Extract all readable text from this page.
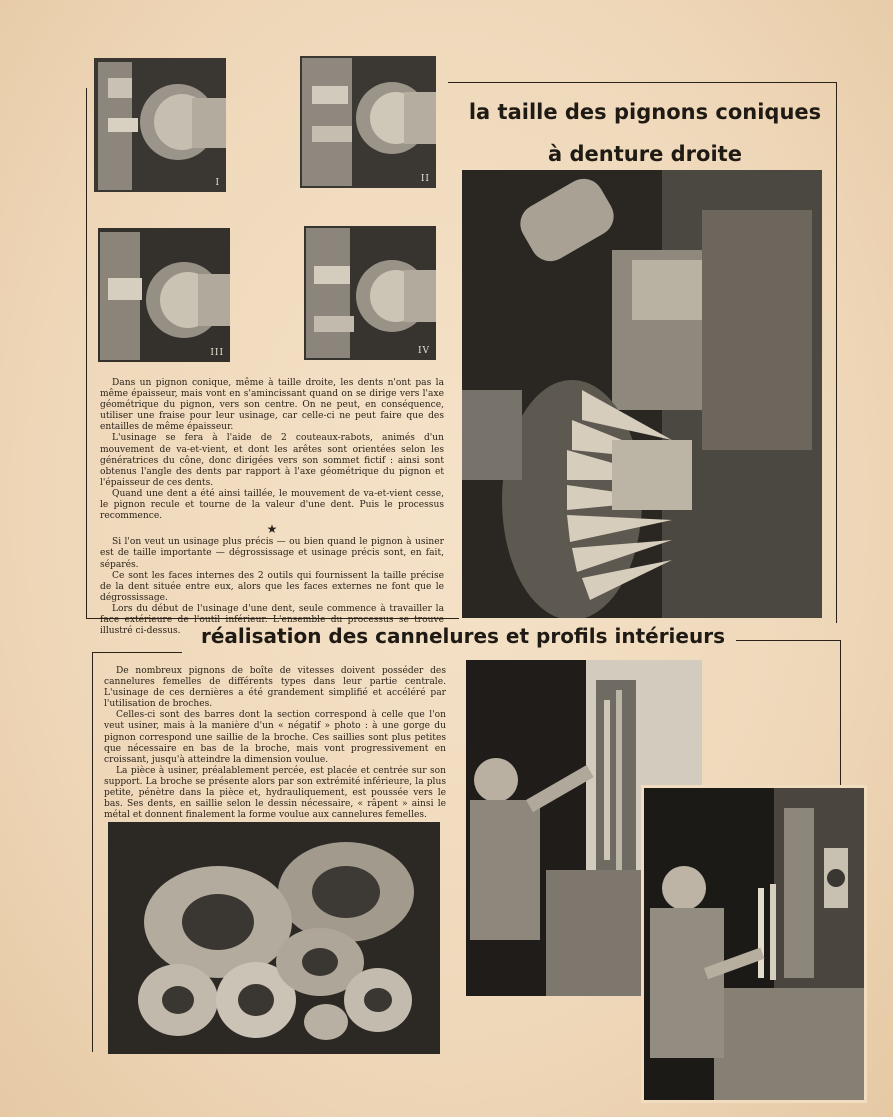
I	II
III	IV
la taille des pignons coniques
à denture droite

Dans un pignon conique, même à taille droite, les dents n'ont pas la même épaisseur, mais vont en s'amincissant quand on se dirige vers l'axe géométrique du pignon, vers son centre. On ne peut, en conséquence, utiliser une fraise pour leur usinage, car celle-ci ne peut faire que des entailles de même épaisseur.

L'usinage se fera à l'aide de 2 couteaux-rabots, animés d'un mouvement de va-et-vient, et dont les arêtes sont orientées selon les génératrices du cône, donc dirigées vers son sommet fictif : ainsi sont obtenus l'angle des dents par rapport à l'axe géométrique du pignon et l'épaisseur de ces dents.

Quand une dent a été ainsi taillée, le mouvement de va-et-vient cesse, le pignon recule et tourne de la valeur d'une dent. Puis le processus recommence.

★

Si l'on veut un usinage plus précis — ou bien quand le pignon à usiner est de taille importante — dégrossissage et usinage précis sont, en fait, séparés.

Ce sont les faces internes des 2 outils qui fournissent la taille précise de la dent située entre eux, alors que les faces externes ne font que le dégrossissage.

Lors du début de l'usinage d'une dent, seule commence à travailler la face extérieure de l'outil inférieur. L'ensemble du processus se trouve illustré ci-dessus.	réalisation des cannelures et profils intérieurs

De nombreux pignons de boîte de vitesses doivent posséder des cannelures femelles de différents types dans leur partie centrale. L'usinage de ces dernières a été grandement simplifié et accéléré par l'utilisation de broches.

Celles-ci sont des barres dont la section correspond à celle que l'on veut usiner, mais à la manière d'un « négatif » photo : à une gorge du pignon correspond une saillie de la broche. Ces saillies sont plus petites que nécessaire en bas de la broche, mais vont progressivement en croissant, jusqu'à atteindre la dimension voulue.

La pièce à usiner, préalablement percée, est placée et centrée sur son support. La broche se présente alors par son extrémité inférieure, la plus petite, pénètre dans la pièce et, hydrauliquement, est poussée vers le bas. Ses dents, en saillie selon le dessin nécessaire, « râpent » ainsi le métal et donnent finalement la forme voulue aux cannelures femelles.
